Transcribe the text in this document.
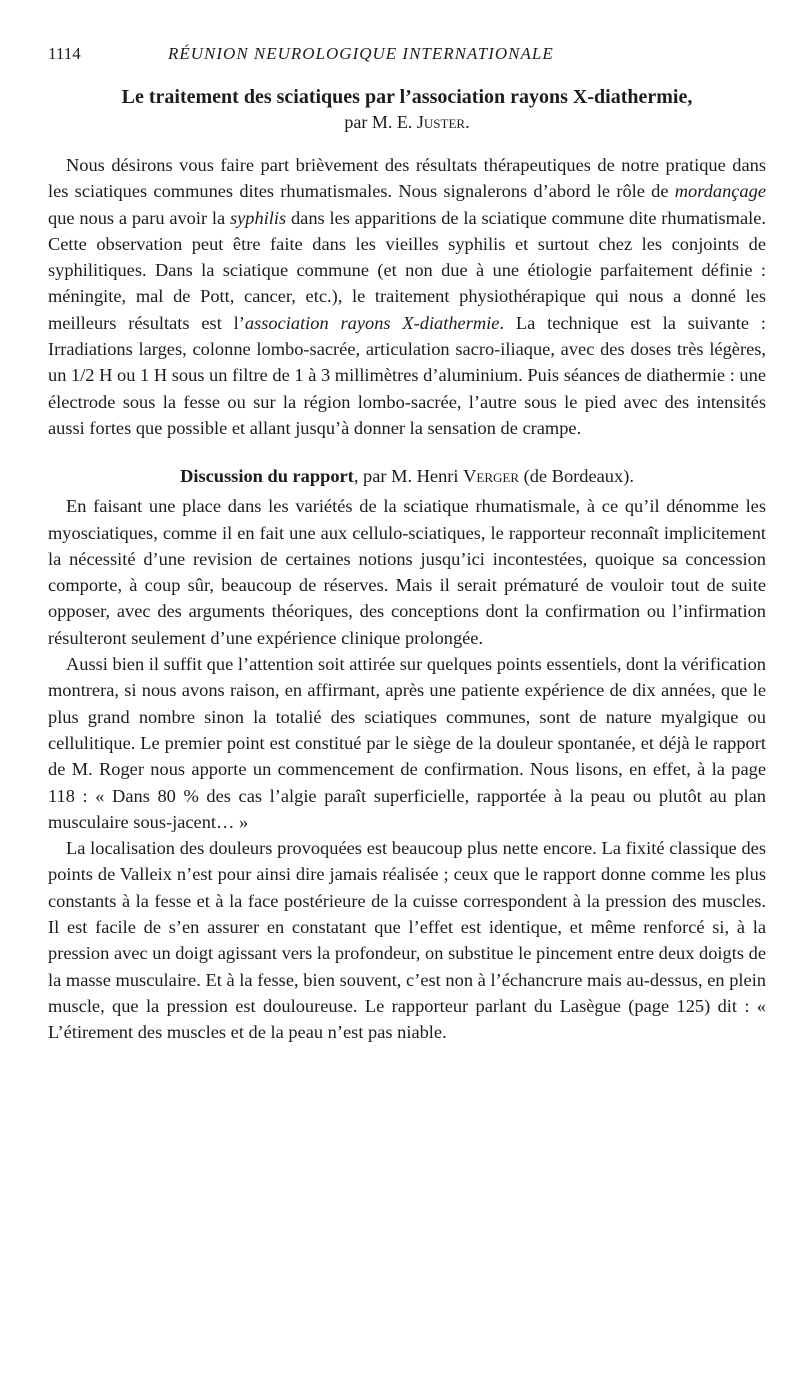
1114	RÉUNION NEUROLOGIQUE INTERNATIONALE
Le traitement des sciatiques par l’association rayons X-diathermie,
par M. E. Juster.

Nous désirons vous faire part brièvement des résultats thérapeutiques de notre pratique dans les sciatiques communes dites rhumatismales. Nous signalerons d’abord le rôle de mordançage que nous a paru avoir la syphilis dans les apparitions de la sciatique commune dite rhumatismale. Cette observation peut être faite dans les vieilles syphilis et surtout chez les conjoints de syphilitiques. Dans la sciatique commune (et non due à une étiologie parfaitement définie : méningite, mal de Pott, cancer, etc.), le traitement physiothérapique qui nous a donné les meilleurs résultats est l’association rayons X-diathermie. La technique est la suivante : Irradiations larges, colonne lombo-sacrée, articulation sacro-iliaque, avec des doses très légères, un 1/2 H ou 1 H sous un filtre de 1 à 3 millimètres d’aluminium. Puis séances de diathermie : une électrode sous la fesse ou sur la région lombo-sacrée, l’autre sous le pied avec des intensités aussi fortes que possible et allant jusqu’à donner la sensation de crampe.

Discussion du rapport, par M. Henri Verger (de Bordeaux).

En faisant une place dans les variétés de la sciatique rhumatismale, à ce qu’il dénomme les myosciatiques, comme il en fait une aux cellulo-sciatiques, le rapporteur reconnaît implicitement la nécessité d’une revision de certaines notions jusqu’ici incontestées, quoique sa concession comporte, à coup sûr, beaucoup de réserves. Mais il serait prématuré de vouloir tout de suite opposer, avec des arguments théoriques, des conceptions dont la confirmation ou l’infirmation résulteront seulement d’une expérience clinique prolongée.

Aussi bien il suffit que l’attention soit attirée sur quelques points essentiels, dont la vérification montrera, si nous avons raison, en affirmant, après une patiente expérience de dix années, que le plus grand nombre sinon la totalié des sciatiques communes, sont de nature myalgique ou cellulitique. Le premier point est constitué par le siège de la douleur spontanée, et déjà le rapport de M. Roger nous apporte un commencement de confirmation. Nous lisons, en effet, à la page 118 : « Dans 80 % des cas l’algie paraît superficielle, rapportée à la peau ou plutôt au plan musculaire sous-jacent… »

La localisation des douleurs provoquées est beaucoup plus nette encore. La fixité classique des points de Valleix n’est pour ainsi dire jamais réalisée ; ceux que le rapport donne comme les plus constants à la fesse et à la face postérieure de la cuisse correspondent à la pression des muscles. Il est facile de s’en assurer en constatant que l’effet est identique, et même renforcé si, à la pression avec un doigt agissant vers la profondeur, on substitue le pincement entre deux doigts de la masse musculaire. Et à la fesse, bien souvent, c’est non à l’échancrure mais au-dessus, en plein muscle, que la pression est douloureuse. Le rapporteur parlant du Lasègue (page 125) dit : « L’étirement des muscles et de la peau n’est pas niable.
